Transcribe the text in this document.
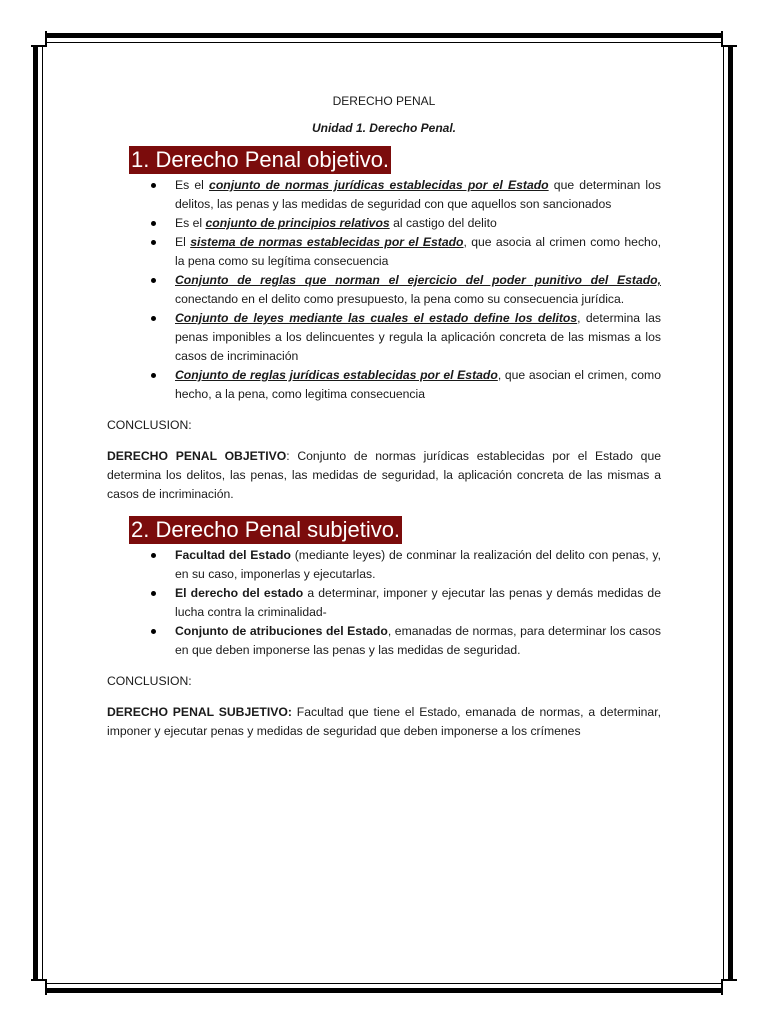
DERECHO PENAL

Unidad 1. Derecho Penal.

1. Derecho Penal objetivo.
Es el conjunto de normas jurídicas establecidas por el Estado que determinan los delitos, las penas y las medidas de seguridad con que aquellos son sancionados
Es el conjunto de principios relativos al castigo del delito
El sistema de normas establecidas por el Estado, que asocia al crimen como hecho, la pena como su legítima consecuencia
Conjunto de reglas que norman el ejercicio del poder punitivo del Estado, conectando en el delito como presupuesto, la pena como su consecuencia jurídica.
Conjunto de leyes mediante las cuales el estado define los delitos, determina las penas imponibles a los delincuentes y regula la aplicación concreta de las mismas a los casos de incriminación
Conjunto de reglas jurídicas establecidas por el Estado, que asocian el crimen, como hecho, a la pena, como legitima consecuencia

CONCLUSION:

DERECHO PENAL OBJETIVO: Conjunto de normas jurídicas establecidas por el Estado que determina los delitos, las penas, las medidas de seguridad, la aplicación concreta de las mismas a casos de incriminación.

2. Derecho Penal subjetivo.
Facultad del Estado (mediante leyes) de conminar la realización del delito con penas, y, en su caso, imponerlas y ejecutarlas.
El derecho del estado a determinar, imponer y ejecutar las penas y demás medidas de lucha contra la criminalidad-
Conjunto de atribuciones del Estado, emanadas de normas, para determinar los casos en que deben imponerse las penas y las medidas de seguridad.

CONCLUSION:

DERECHO PENAL SUBJETIVO: Facultad que tiene el Estado, emanada de normas, a determinar, imponer y ejecutar penas y medidas de seguridad que deben imponerse a los crímenes
